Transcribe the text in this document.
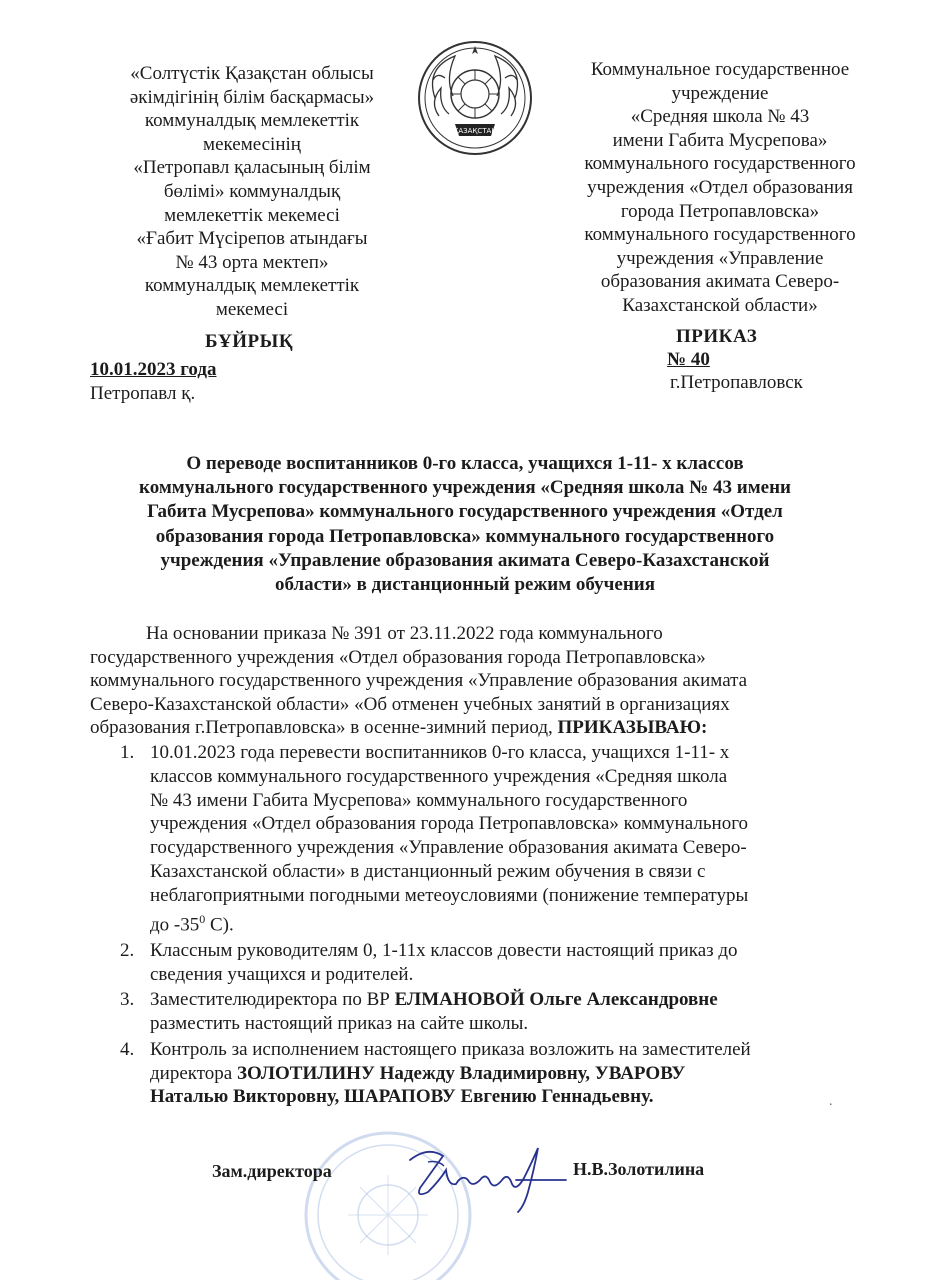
«Солтүстік Қазақстан облысы
әкімдігінің білім басқармасы»
коммуналдық мемлекеттік
мекемесінің
«Петропавл қаласының білім
бөлімі» коммуналдық
мемлекеттік мекемесі
«Ғабит Мүсірепов атындағы
№ 43 орта мектеп»
коммуналдық мемлекеттік
мекемесі
ҚАЗАҚСТАН
Коммунальное государственное
учреждение
«Средняя школа № 43
имени Габита Мусрепова»
коммунального государственного
учреждения «Отдел образования
города Петропавловска»
коммунального государственного
учреждения «Управление
образования акимата Северо-
Казахстанской области»
БҰЙРЫҚ	ПРИКАЗ
№ 40
10.01.2023 года
Петропавл қ.
г.Петропавловск
О переводе воспитанников 0-го класса, учащихся 1-11- х классов
коммунального государственного учреждения «Средняя школа № 43 имени
Габита Мусрепова» коммунального государственного учреждения «Отдел
образования города Петропавловска» коммунального государственного
учреждения «Управление образования акимата Северо-Казахстанской
области» в дистанционный режим обучения
На основании приказа № 391 от 23.11.2022 года коммунального
государственного учреждения «Отдел образования города Петропавловска»
коммунального государственного учреждения «Управление образования акимата
Северо-Казахстанской области» «Об отменен учебных занятий в организациях
образования г.Петропавловска» в осенне-зимний период, ПРИКАЗЫВАЮ:
1. 10.01.2023 года перевести воспитанников 0-го класса, учащихся 1-11- х
классов коммунального государственного учреждения «Средняя школа
№ 43 имени Габита Мусрепова» коммунального государственного
учреждения «Отдел образования города Петропавловска» коммунального
государственного учреждения «Управление образования акимата Северо-
Казахстанской области» в дистанционный режим обучения в связи с
неблагоприятными погодными метеоусловиями (понижение температуры
до $-35^0$ С).
2. Классным руководителям 0, 1-11х классов довести настоящий приказ до
сведения учащихся и родителей.
3. Заместителюдиректора по ВР ЕЛМАНОВОЙ Ольге Александровне
разместить настоящий приказ на сайте школы.
4. Контроль за исполнением настоящего приказа возложить на заместителей
директора ЗОЛОТИЛИНУ Надежду Владимировну, УВАРОВУ
Наталью Викторовну, ШАРАПОВУ Евгению Геннадьевну.	.
Зам.директора	Н.В.Золотилина
